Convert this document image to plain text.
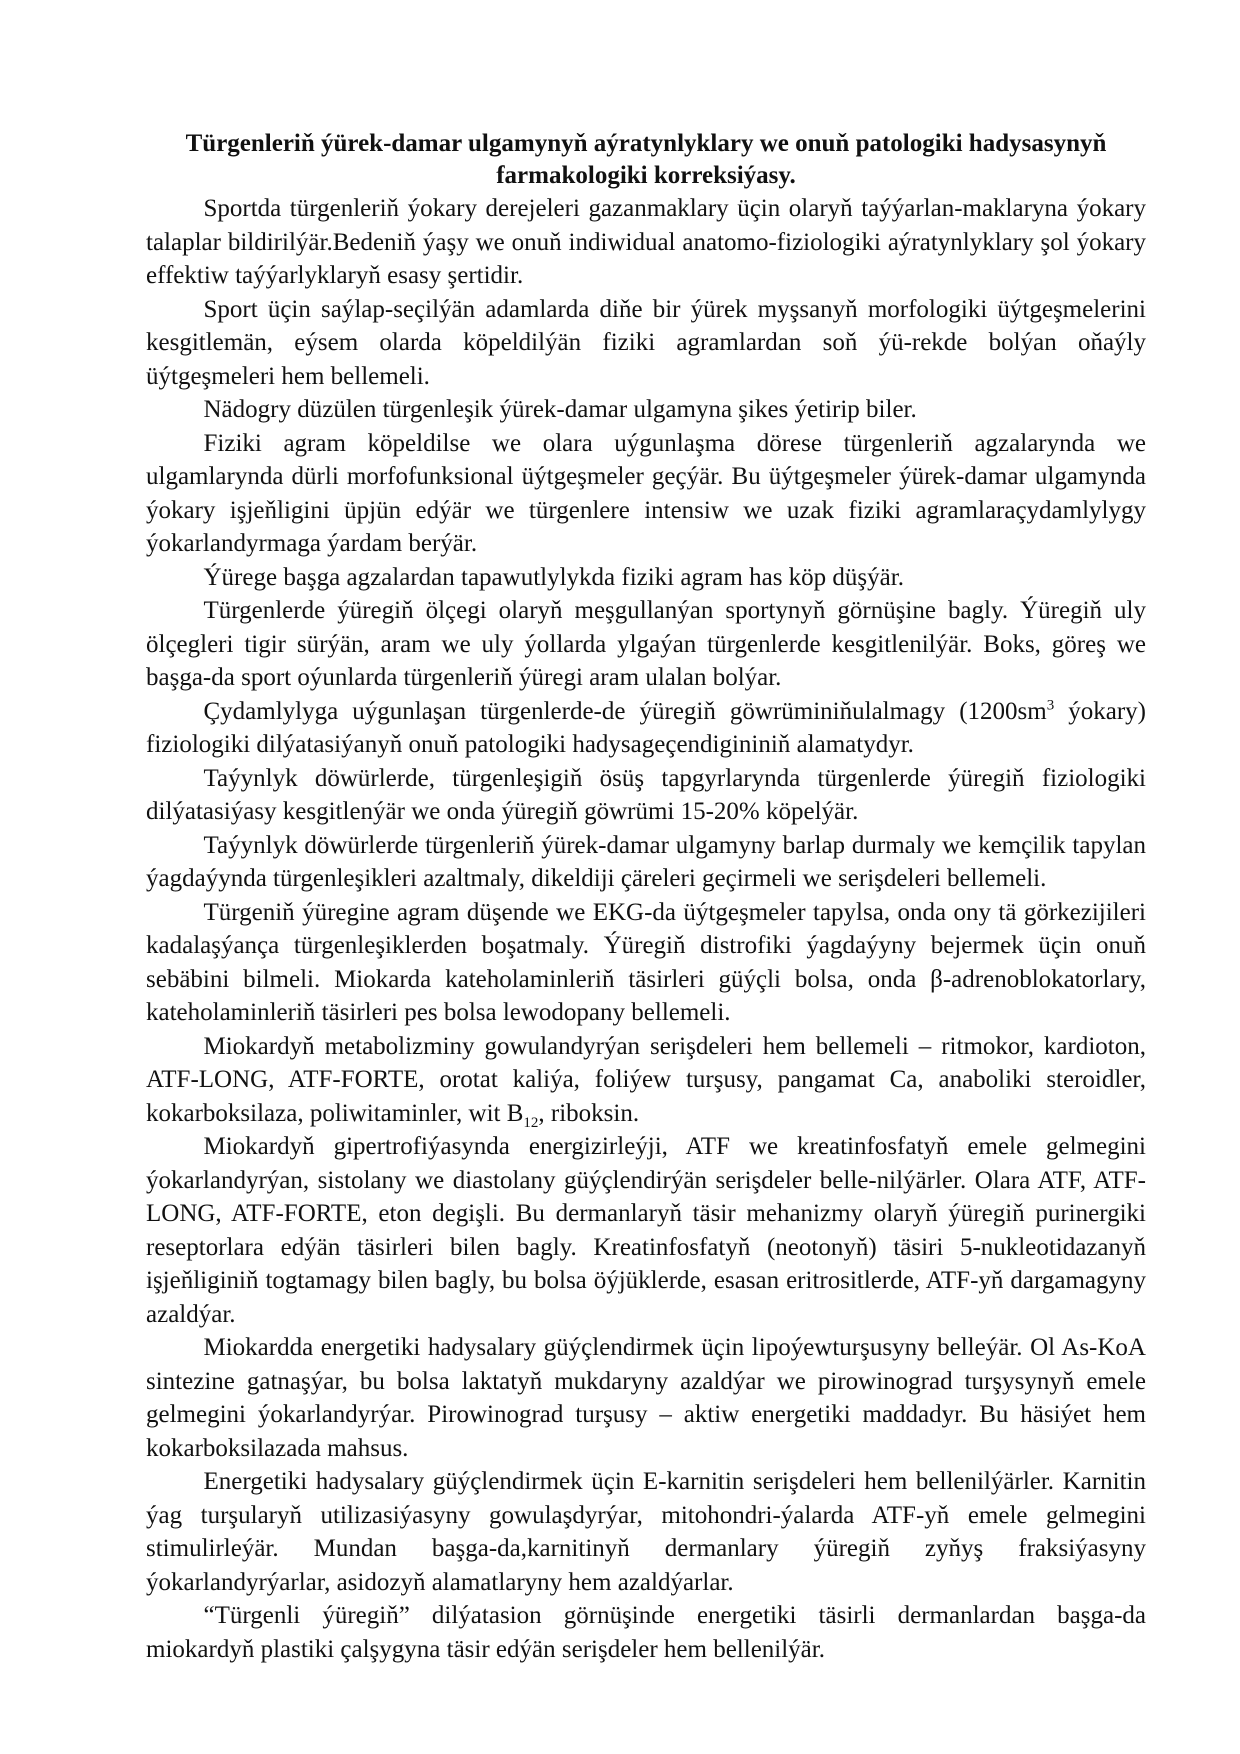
Türgenleriň ýürek-damar ulgamynyň aýratynlyklary we onuň patologiki hadysasynyň farmakologiki korreksiýasy.

Sportda türgenleriň ýokary derejeleri gazanmaklary üçin olaryň taýýarlan-maklaryna ýokary talaplar bildirilýär.Bedeniň ýaşy we onuň indiwidual anatomo-fiziologiki aýratynlyklary şol ýokary effektiw taýýarlyklaryň esasy şertidir.

Sport üçin saýlap-seçilýän adamlarda diňe bir ýürek myşsanyň morfologiki üýtgeşmelerini kesgitlemän, eýsem olarda köpeldilýän fiziki agramlardan soň ýü-rekde bolýan oňaýly üýtgeşmeleri hem bellemeli.

Nädogry düzülen türgenleşik ýürek-damar ulgamyna şikes ýetirip biler.

Fiziki agram köpeldilse we olara uýgunlaşma dörese türgenleriň agzalarynda we ulgamlarynda dürli morfofunksional üýtgeşmeler geçýär. Bu üýtgeşmeler ýürek-damar ulgamynda ýokary işjeňligini üpjün edýär we türgenlere intensiw we uzak fiziki agramlaraçydamlylygy ýokarlandyrmaga ýardam berýär.

Ýürege başga agzalardan tapawutlylykda fiziki agram has köp düşýär.

Türgenlerde ýüregiň ölçegi olaryň meşgullanýan sportynyň görnüşine bagly. Ýüregiň uly ölçegleri tigir sürýän, aram we uly ýollarda ylgaýan türgenlerde kesgitlenilýär. Boks, göreş we başga-da sport oýunlarda türgenleriň ýüregi aram ulalan bolýar.

Çydamlylyga uýgunlaşan türgenlerde-de ýüregiň göwrüminiňulalmagy ($1200sm^3$ ýokary) fiziologiki dilýatasiýanyň onuň patologiki hadysageçendigininiň alamatydyr.

Taýynlyk döwürlerde, türgenleşigiň ösüş tapgyrlarynda türgenlerde ýüregiň fiziologiki dilýatasiýasy kesgitlenýär we onda ýüregiň göwrümi 15-20% köpelýär.

Taýynlyk döwürlerde türgenleriň ýürek-damar ulgamyny barlap durmaly we kemçilik tapylan ýagdaýynda türgenleşikleri azaltmaly, dikeldiji çäreleri geçirmeli we serişdeleri bellemeli.

Türgeniň ýüregine agram düşende we EKG-da üýtgeşmeler tapylsa, onda ony tä görkezijileri kadalaşýança türgenleşiklerden boşatmaly. Ýüregiň distrofiki ýagdaýyny bejermek üçin onuň sebäbini bilmeli. Miokarda kateholaminleriň täsirleri güýçli bolsa, onda β-adrenoblokatorlary, kateholaminleriň täsirleri pes bolsa lewodopany bellemeli.

Miokardyň metabolizminy gowulandyrýan serişdeleri hem bellemeli – ritmokor, kardioton, ATF-LONG, ATF-FORTE, orotat kaliýa, foliýew turşusy, pangamat Ca, anaboliki steroidler, kokarboksilaza, poliwitaminler, wit $B_{12}$, riboksin.

Miokardyň gipertrofiýasynda energizirleýji, ATF we kreatinfosfatyň emele gelmegini ýokarlandyrýan, sistolany we diastolany güýçlendirýän serişdeler belle-nilýärler. Olara ATF, ATF-LONG, ATF-FORTE, eton degişli. Bu dermanlaryň täsir mehanizmy olaryň ýüregiň purinergiki reseptorlara edýän täsirleri bilen bagly. Kreatinfosfatyň (neotonyň) täsiri 5-nukleotidazanyň işjeňliginiň togtamagy bilen bagly, bu bolsa öýjüklerde, esasan eritrositlerde, ATF-yň dargamagyny azaldýar.

Miokardda energetiki hadysalary güýçlendirmek üçin lipoýewturşusyny belleýär. Ol As-KoA sintezine gatnaşýar, bu bolsa laktatyň mukdaryny azaldýar we pirowinograd turşysynyň emele gelmegini ýokarlandyrýar. Pirowinograd turşusy – aktiw energetiki maddadyr. Bu häsiýet hem kokarboksilazada mahsus.

Energetiki hadysalary güýçlendirmek üçin E-karnitin serişdeleri hem bellenilýärler. Karnitin ýag turşularyň utilizasiýasyny gowulaşdyrýar, mitohondri-ýalarda ATF-yň emele gelmegini stimulirleýär. Mundan başga-da,karnitinyň dermanlary ýüregiň zyňyş fraksiýasyny ýokarlandyrýarlar, asidozyň alamatlaryny hem azaldýarlar.

“Türgenli ýüregiň” dilýatasion görnüşinde energetiki täsirli dermanlardan başga-da miokardyň plastiki çalşygyna täsir edýän serişdeler hem bellenilýär.
